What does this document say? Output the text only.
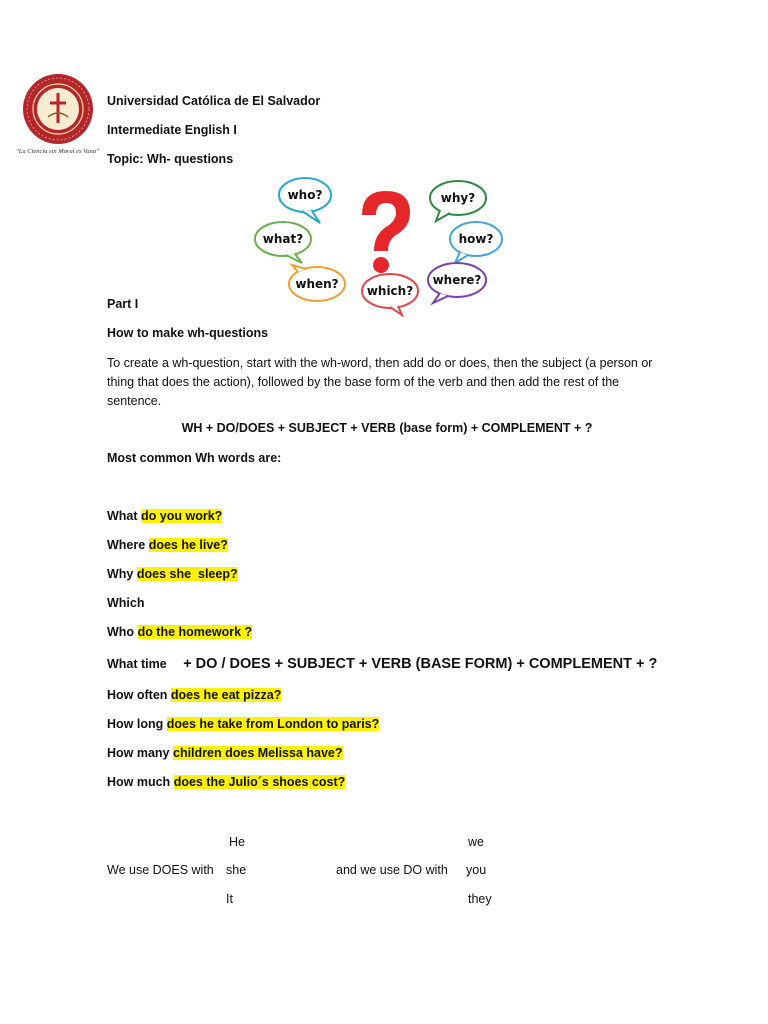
"La Ciencia sin Moral es Vana"
Universidad Católica de El Salvador
Intermediate English I
Topic: Wh- questions
who?	why?
what?	how?
when? which?
where?
Part I
How to make wh-questions
To create a wh-question, start with the wh-word, then add do or does, then the subject (a person or thing that does the action), followed by the base form of the verb and then add the rest of the sentence.
WH + DO/DOES + SUBJECT + VERB (base form) + COMPLEMENT + ?
Most common Wh words are:
What do you work?
Where does he live?
Why does she  sleep?
Which
Who do the homework ?
What time + DO / DOES + SUBJECT + VERB (BASE FORM) + COMPLEMENT + ?
How often does he eat pizza?
How long does he take from London to paris?
How many children does Melissa have?
How much does the Julio´s shoes cost?
He
We use DOES with she
It
and we use DO with
we
you
they
